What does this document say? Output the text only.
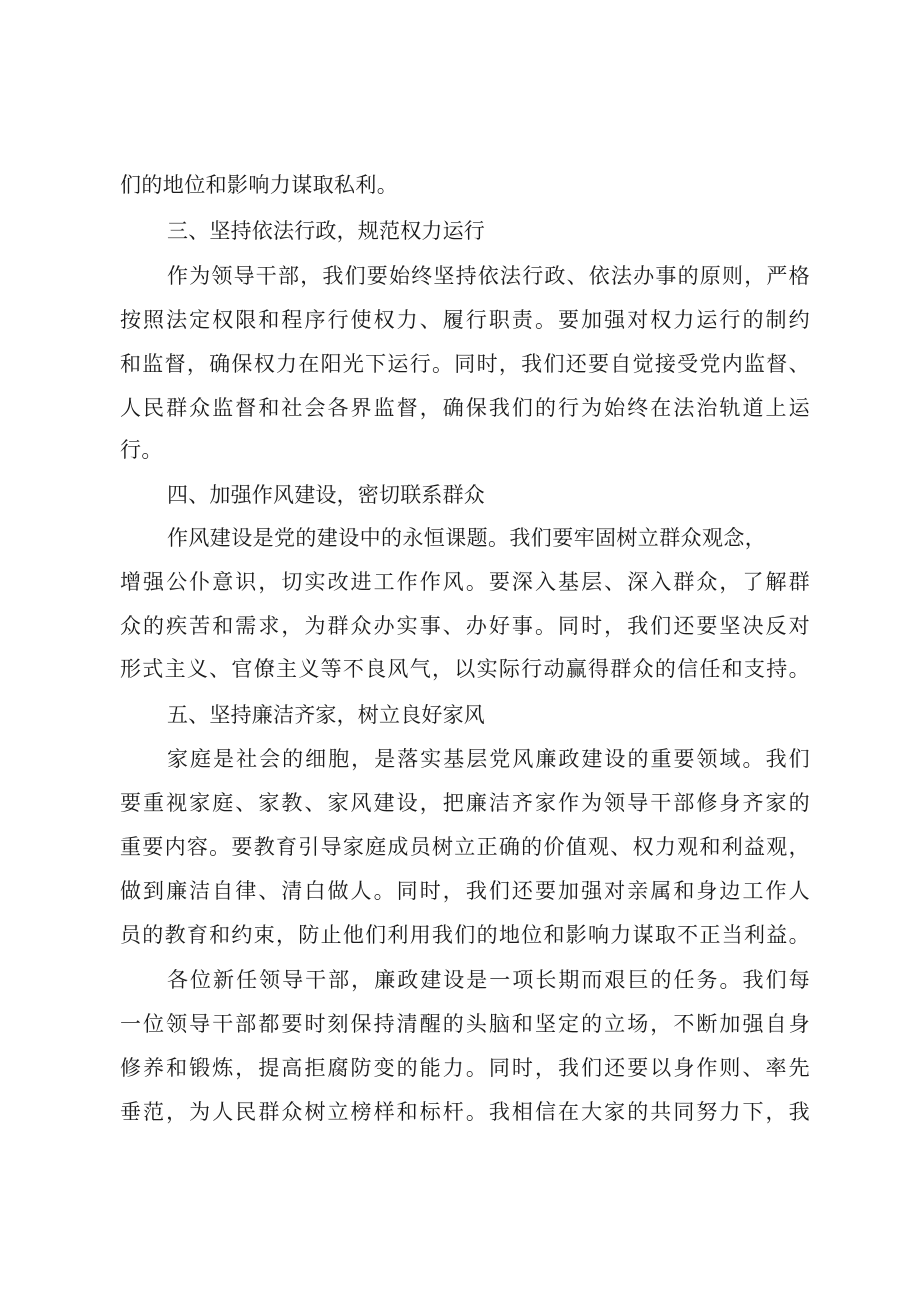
们的地位和影响力谋取私利。
三、坚持依法行政，规范权力运行
作为领导干部，我们要始终坚持依法行政、依法办事的原则，严格
按照法定权限和程序行使权力、履行职责。要加强对权力运行的制约
和监督，确保权力在阳光下运行。同时，我们还要自觉接受党内监督、
人民群众监督和社会各界监督，确保我们的行为始终在法治轨道上运
行。
四、加强作风建设，密切联系群众
作风建设是党的建设中的永恒课题。我们要牢固树立群众观念，
增强公仆意识，切实改进工作作风。要深入基层、深入群众，了解群
众的疾苦和需求，为群众办实事、办好事。同时，我们还要坚决反对
形式主义、官僚主义等不良风气，以实际行动赢得群众的信任和支持。
五、坚持廉洁齐家，树立良好家风
家庭是社会的细胞，是落实基层党风廉政建设的重要领域。我们
要重视家庭、家教、家风建设，把廉洁齐家作为领导干部修身齐家的
重要内容。要教育引导家庭成员树立正确的价值观、权力观和利益观，
做到廉洁自律、清白做人。同时，我们还要加强对亲属和身边工作人
员的教育和约束，防止他们利用我们的地位和影响力谋取不正当利益。
各位新任领导干部，廉政建设是一项长期而艰巨的任务。我们每
一位领导干部都要时刻保持清醒的头脑和坚定的立场，不断加强自身
修养和锻炼，提高拒腐防变的能力。同时，我们还要以身作则、率先
垂范，为人民群众树立榜样和标杆。我相信在大家的共同努力下，我
